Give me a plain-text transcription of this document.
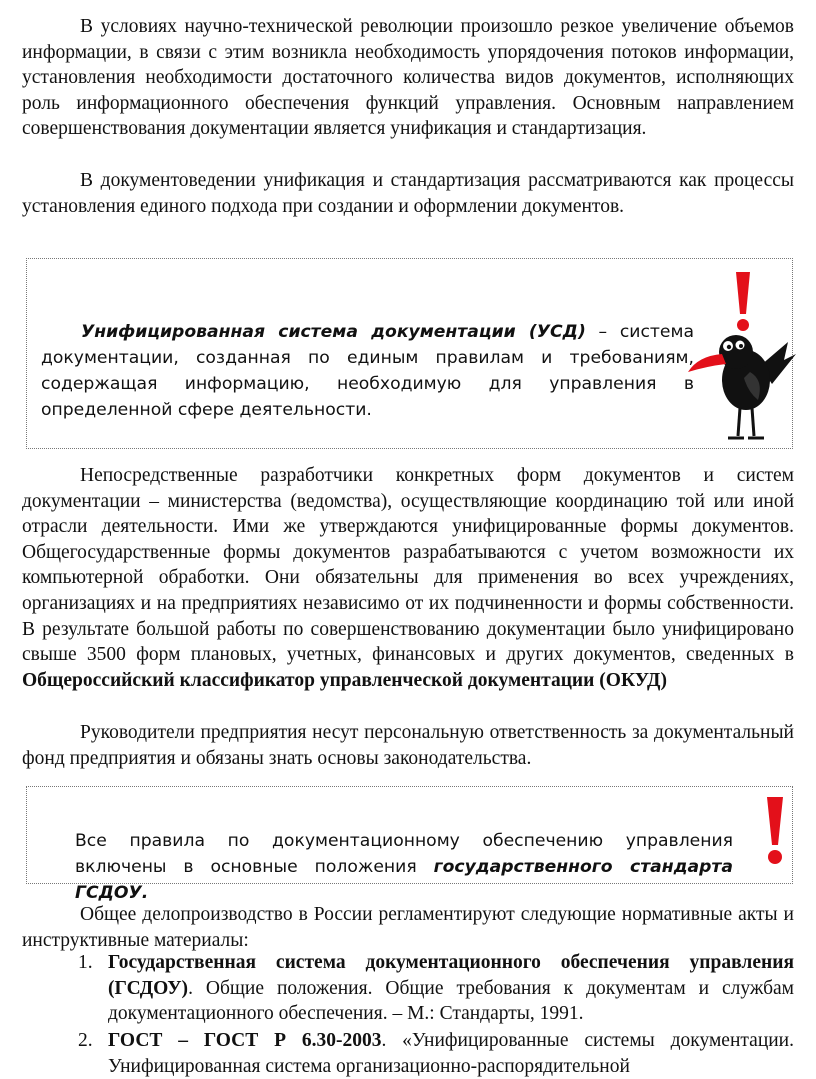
В условиях научно-технической революции произошло резкое увеличение объемов информации, в связи с этим возникла необходимость упорядочения потоков информации, установления необходимости достаточного количества видов документов, исполняющих роль информационного обеспечения функций управления. Основным направлением совершенствования документации является унификация и стандартизация.

В документоведении унификация и стандартизация рассматриваются как процессы установления единого подхода при создании и оформлении документов.

Унифицированная система документации (УСД) – система документации, созданная по единым правилам и требованиям, содержащая информацию, необходимую для управления в определенной сфере деятельности.

Непосредственные разработчики конкретных форм документов и систем документации – министерства (ведомства), осуществляющие координацию той или иной отрасли деятельности. Ими же утверждаются унифицированные формы документов. Общегосударственные формы документов разрабатываются с учетом возможности их компьютерной обработки. Они обязательны для применения во всех учреждениях, организациях и на предприятиях независимо от их подчиненности и формы собственности. В результате большой работы по совершенствованию документации было унифицировано свыше 3500 форм плановых, учетных, финансовых и других документов, сведенных в Общероссийский классификатор управленческой документации (ОКУД)

Руководители предприятия несут персональную ответственность за документальный фонд предприятия и обязаны знать основы законодательства.

Все правила по документационному обеспечению управления включены в основные положения государственного стандарта ГСДОУ.

Общее делопроизводство в России регламентируют следующие нормативные акты и инструктивные материалы:

1. Государственная система документационного обеспечения управления (ГСДОУ). Общие положения. Общие требования к документам и службам документационного обеспечения. – М.: Стандарты, 1991.

2. ГОСТ – ГОСТ Р 6.30-2003. «Унифицированные системы документации. Унифицированная система организационно-распорядительной
